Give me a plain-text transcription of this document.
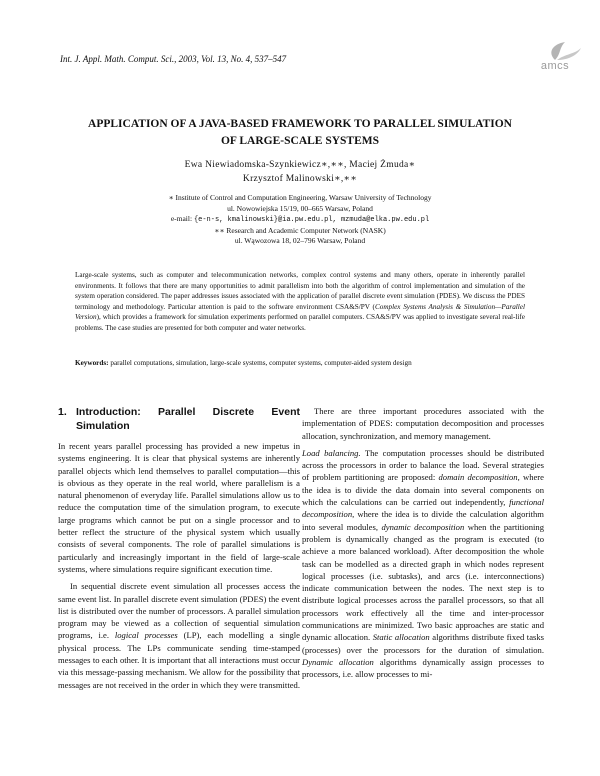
Int. J. Appl. Math. Comput. Sci., 2003, Vol. 13, No. 4, 537–547
amcs
APPLICATION OF A JAVA-BASED FRAMEWORK TO PARALLEL SIMULATION
OF LARGE-SCALE SYSTEMS
Ewa Niewiadomska-Szynkiewicz∗,∗∗, Maciej Żmuda∗
Krzysztof Malinowski∗,∗∗
∗ Institute of Control and Computation Engineering, Warsaw University of Technology
ul. Nowowiejska 15/19, 00–665 Warsaw, Poland
e-mail: {e-n-s, kmalinowski}@ia.pw.edu.pl, mzmuda@elka.pw.edu.pl
∗∗ Research and Academic Computer Network (NASK)
ul. Wąwozowa 18, 02–796 Warsaw, Poland
Large-scale systems, such as computer and telecommunication networks, complex control systems and many others, operate in inherently parallel environments. It follows that there are many opportunities to admit parallelism into both the algorithm of control implementation and simulation of the system operation considered. The paper addresses issues associated with the application of parallel discrete event simulation (PDES). We discuss the PDES terminology and methodology. Particular attention is paid to the software environment CSA&S/PV (Complex Systems Analysis & Simulation—Parallel Version), which provides a framework for simulation experiments performed on parallel computers. CSA&S/PV was applied to investigate several real-life problems. The case studies are presented for both computer and water networks.
Keywords: parallel computations, simulation, large-scale systems, computer systems, computer-aided system design
1. Introduction: Parallel Discrete Event Simulation

In recent years parallel processing has provided a new impetus in systems engineering. It is clear that physical systems are inherently parallel objects which lend themselves to parallel computation—this is obvious as they operate in the real world, where parallelism is a natural phenomenon of everyday life. Parallel simulations allow us to reduce the computation time of the simulation program, to execute large programs which cannot be put on a single processor and to better reflect the structure of the physical system which usually consists of several components. The role of parallel simulations is particularly and increasingly important in the field of large-scale systems, where simulations require significant execution time.

In sequential discrete event simulation all processes access the same event list. In parallel discrete event simulation (PDES) the event list is distributed over the number of processors. A parallel simulation program may be viewed as a collection of sequential simulation programs, i.e. logical processes (LP), each modelling a single physical process. The LPs communicate sending time-stamped messages to each other. It is important that all interactions must occur via this message-passing mechanism. We allow for the possibility that messages are not received in the order in which they were transmitted.

There are three important procedures associated with the implementation of PDES: computation decomposition and processes allocation, synchronization, and memory management.

Load balancing. The computation processes should be distributed across the processors in order to balance the load. Several strategies of problem partitioning are proposed: domain decomposition, where the idea is to divide the data domain into several components on which the calculations can be carried out independently, functional decomposition, where the idea is to divide the calculation algorithm into several modules, dynamic decomposition when the partitioning problem is dynamically changed as the program is executed (to achieve a more balanced workload). After decomposition the whole task can be modelled as a directed graph in which nodes represent logical processes (i.e. subtasks), and arcs (i.e. interconnections) indicate communication between the nodes. The next step is to distribute logical processes across the parallel processors, so that all processors work effectively all the time and inter-processor communications are minimized. Two basic approaches are static and dynamic allocation. Static allocation algorithms distribute fixed tasks (processes) over the processors for the duration of simulation. Dynamic allocation algorithms dynamically assign processes to processors, i.e. allow processes to mi-
